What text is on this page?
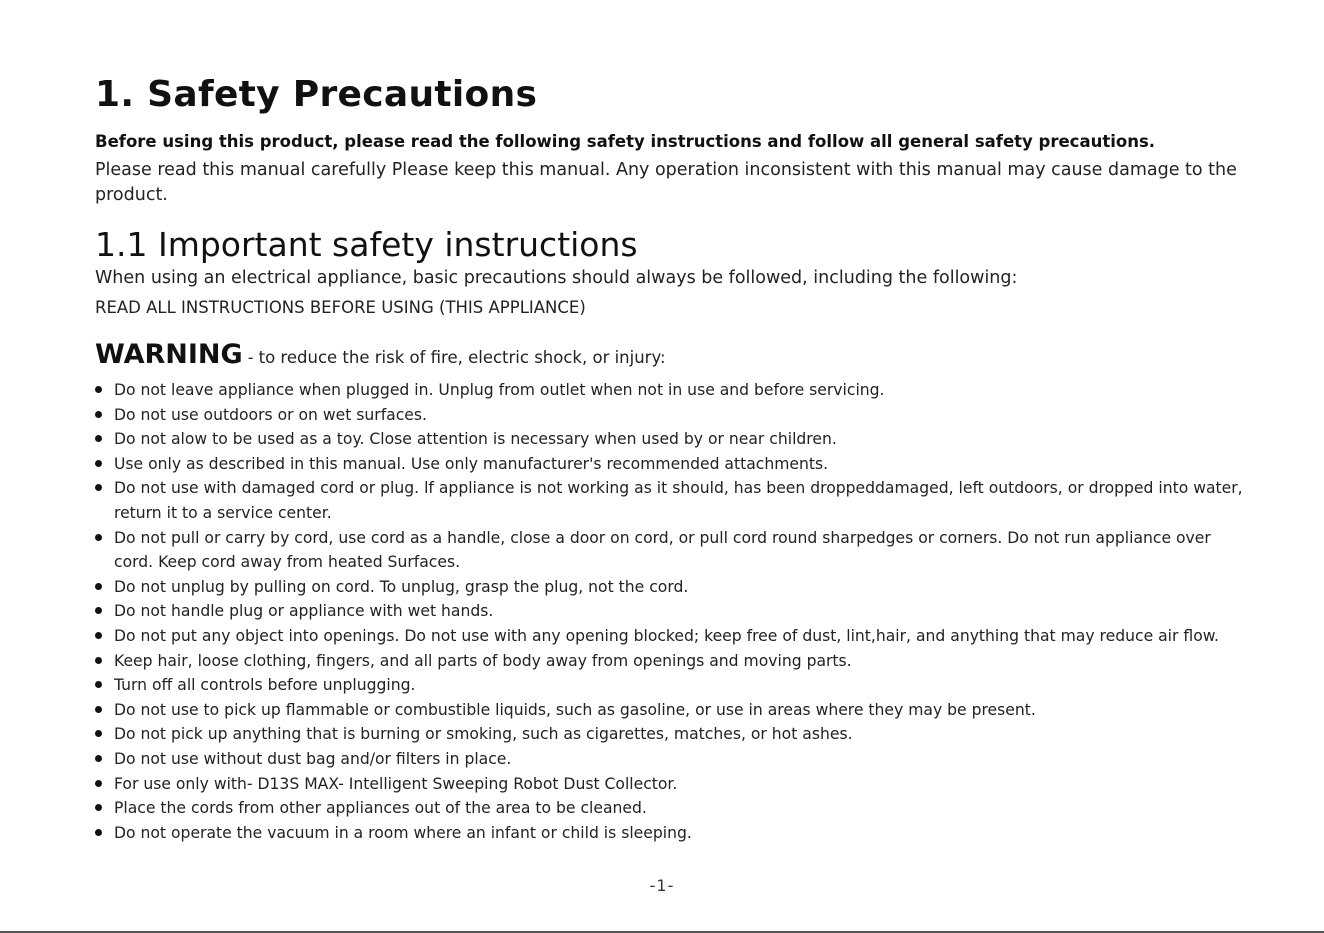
1. Safety Precautions
Before using this product, please read the following safety instructions and follow all general safety precautions.
Please read this manual carefully Please keep this manual. Any operation inconsistent with this manual may cause damage to the product.
1.1 Important safety instructions
When using an electrical appliance, basic precautions should always be followed, including the following:
READ ALL INSTRUCTIONS BEFORE USING (THIS APPLIANCE)
WARNING - to reduce the risk of fire, electric shock, or injury:
Do not leave appliance when plugged in. Unplug from outlet when not in use and before servicing.
Do not use outdoors or on wet surfaces.
Do not alow to be used as a toy. Close attention is necessary when used by or near children.
Use only as described in this manual. Use only manufacturer's recommended attachments.
Do not use with damaged cord or plug. lf appliance is not working as it should, has been droppeddamaged, left outdoors, or dropped into water, return it to a service center.
Do not pull or carry by cord, use cord as a handle, close a door on cord, or pull cord round sharpedges or corners. Do not run appliance over cord. Keep cord away from heated Surfaces.
Do not unplug by pulling on cord. To unplug, grasp the plug, not the cord.
Do not handle plug or appliance with wet hands.
Do not put any object into openings. Do not use with any opening blocked; keep free of dust, lint,hair, and anything that may reduce air flow.
Keep hair, loose clothing, fingers, and all parts of body away from openings and moving parts.
Turn off all controls before unplugging.
Do not use to pick up flammable or combustible liquids, such as gasoline, or use in areas where they may be present.
Do not pick up anything that is burning or smoking, such as cigarettes, matches, or hot ashes.
Do not use without dust bag and/or filters in place.
For use only with- D13S MAX- Intelligent Sweeping Robot Dust Collector.
Place the cords from other appliances out of the area to be cleaned.
Do not operate the vacuum in a room where an infant or child is sleeping.
-1-
